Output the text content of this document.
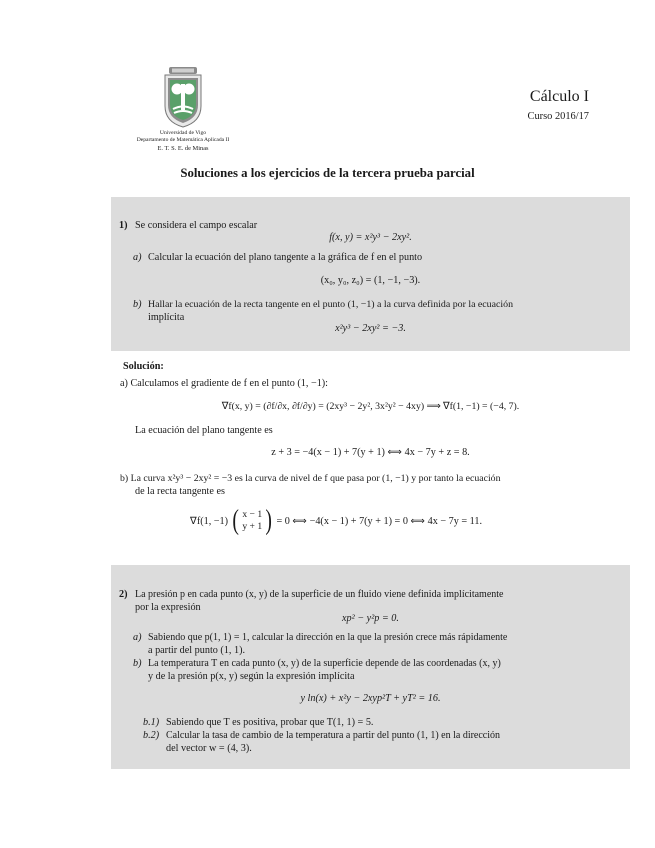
Universidad de Vigo
Departamento de Matemática Aplicada II
E. T. S. E. de Minas
Cálculo I
Curso 2016/17
Soluciones a los ejercicios de la tercera prueba parcial
1) Se considera el campo escalar
f(x, y) = x²y³ − 2xy².
a) Calcular la ecuación del plano tangente a la gráfica de f en el punto
(x₀, y₀, z₀) = (1, −1, −3).
b) Hallar la ecuación de la recta tangente en el punto (1, −1) a la curva definida por la ecuación
implícita
x²y³ − 2xy² = −3.
Solución:
a) Calculamos el gradiente de f en el punto (1, −1):
∇f(x, y) = (∂f/∂x, ∂f/∂y) = (2xy³ − 2y², 3x²y² − 4xy) ⟹ ∇f(1, −1) = (−4, 7).
La ecuación del plano tangente es
z + 3 = −4(x − 1) + 7(y + 1) ⟺ 4x − 7y + z = 8.
b) La curva x²y³ − 2xy² = −3 es la curva de nivel de f que pasa por (1, −1) y por tanto la ecuación
de la recta tangente es
∇f(1, −1) ( x − 1
y + 1 ) = 0 ⟺ −4(x − 1) + 7(y + 1) = 0 ⟺ 4x − 7y = 11.
2) La presión p en cada punto (x, y) de la superficie de un fluido viene definida implícitamente
por la expresión
xp² − y²p = 0.
a) Sabiendo que p(1, 1) = 1, calcular la dirección en la que la presión crece más rápidamente
a partir del punto (1, 1).
b) La temperatura T en cada punto (x, y) de la superficie depende de las coordenadas (x, y)
y de la presión p(x, y) según la expresión implícita
y ln(x) + x²y − 2xyp²T + yT² = 16.
b.1) Sabiendo que T es positiva, probar que T(1, 1) = 5.
b.2) Calcular la tasa de cambio de la temperatura a partir del punto (1, 1) en la dirección
del vector w = (4, 3).
